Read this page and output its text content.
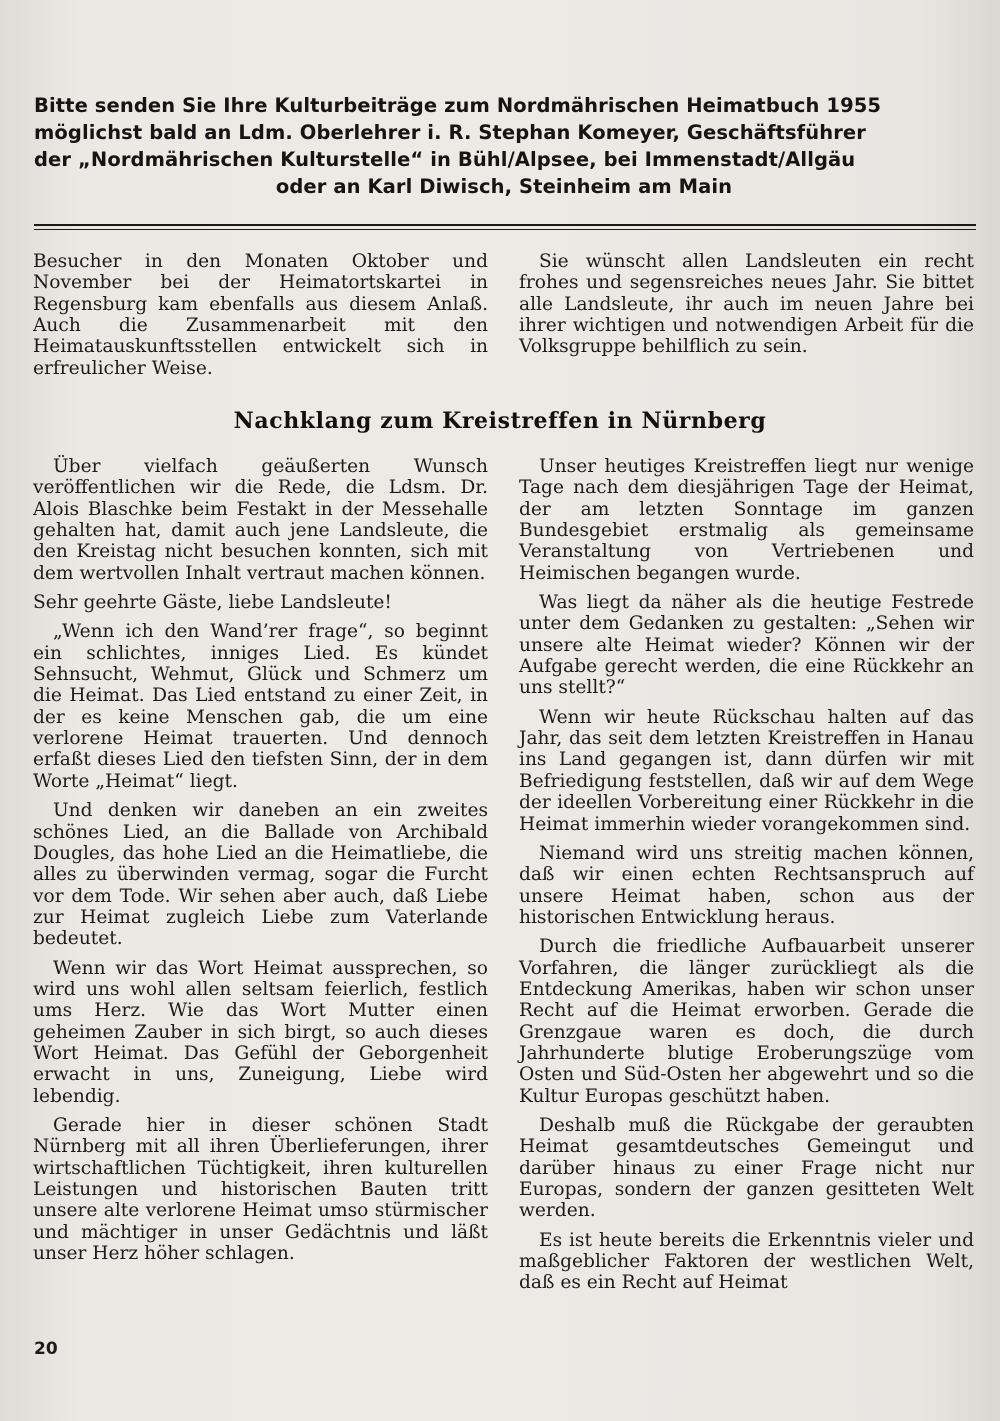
Bitte senden Sie Ihre Kulturbeiträge zum Nordmährischen Heimatbuch 1955
möglichst bald an Ldm. Oberlehrer i. R. Stephan Komeyer, Geschäftsführer
der „Nordmährischen Kulturstelle“ in Bühl/Alpsee, bei Immenstadt/Allgäu
oder an Karl Diwisch, Steinheim am Main

Besucher in den Monaten Oktober und November bei der Heimatortskartei in Regensburg kam ebenfalls aus diesem Anlaß. Auch die Zusammenarbeit mit den Heimatauskunftsstellen entwickelt sich in erfreulicher Weise.

Sie wünscht allen Landsleuten ein recht frohes und segensreiches neues Jahr. Sie bittet alle Landsleute, ihr auch im neuen Jahre bei ihrer wichtigen und notwendigen Arbeit für die Volksgruppe behilflich zu sein.

Nachklang zum Kreistreffen in Nürnberg

Über vielfach geäußerten Wunsch veröffentlichen wir die Rede, die Ldsm. Dr. Alois Blaschke beim Festakt in der Messehalle gehalten hat, damit auch jene Landsleute, die den Kreistag nicht besuchen konnten, sich mit dem wertvollen Inhalt vertraut machen können.

Sehr geehrte Gäste, liebe Landsleute!

„Wenn ich den Wand’rer frage“, so beginnt ein schlichtes, inniges Lied. Es kündet Sehnsucht, Wehmut, Glück und Schmerz um die Heimat. Das Lied entstand zu einer Zeit, in der es keine Menschen gab, die um eine verlorene Heimat trauerten. Und dennoch erfaßt dieses Lied den tiefsten Sinn, der in dem Worte „Heimat“ liegt.

Und denken wir daneben an ein zweites schönes Lied, an die Ballade von Archibald Dougles, das hohe Lied an die Heimatliebe, die alles zu überwinden vermag, sogar die Furcht vor dem Tode. Wir sehen aber auch, daß Liebe zur Heimat zugleich Liebe zum Vaterlande bedeutet.

Wenn wir das Wort Heimat aussprechen, so wird uns wohl allen seltsam feierlich, festlich ums Herz. Wie das Wort Mutter einen geheimen Zauber in sich birgt, so auch dieses Wort Heimat. Das Gefühl der Geborgenheit erwacht in uns, Zuneigung, Liebe wird lebendig.

Gerade hier in dieser schönen Stadt Nürnberg mit all ihren Überlieferungen, ihrer wirtschaftlichen Tüchtigkeit, ihren kulturellen Leistungen und historischen Bauten tritt unsere alte verlorene Heimat umso stürmischer und mächtiger in unser Gedächtnis und läßt unser Herz höher schlagen.

Unser heutiges Kreistreffen liegt nur wenige Tage nach dem diesjährigen Tage der Heimat, der am letzten Sonntage im ganzen Bundesgebiet erstmalig als gemeinsame Veranstaltung von Vertriebenen und Heimischen begangen wurde.

Was liegt da näher als die heutige Festrede unter dem Gedanken zu gestalten: „Sehen wir unsere alte Heimat wieder? Können wir der Aufgabe gerecht werden, die eine Rückkehr an uns stellt?“

Wenn wir heute Rückschau halten auf das Jahr, das seit dem letzten Kreistreffen in Hanau ins Land gegangen ist, dann dürfen wir mit Befriedigung feststellen, daß wir auf dem Wege der ideellen Vorbereitung einer Rückkehr in die Heimat immerhin wieder vorangekommen sind.

Niemand wird uns streitig machen können, daß wir einen echten Rechtsanspruch auf unsere Heimat haben, schon aus der historischen Entwicklung heraus.

Durch die friedliche Aufbauarbeit unserer Vorfahren, die länger zurückliegt als die Entdeckung Amerikas, haben wir schon unser Recht auf die Heimat erworben. Gerade die Grenzgaue waren es doch, die durch Jahrhunderte blutige Eroberungszüge vom Osten und Süd-Osten her abgewehrt und so die Kultur Europas geschützt haben.

Deshalb muß die Rückgabe der geraubten Heimat gesamtdeutsches Gemeingut und darüber hinaus zu einer Frage nicht nur Europas, sondern der ganzen gesitteten Welt werden.

Es ist heute bereits die Erkenntnis vieler und maßgeblicher Faktoren der westlichen Welt, daß es ein Recht auf Heimat

20
